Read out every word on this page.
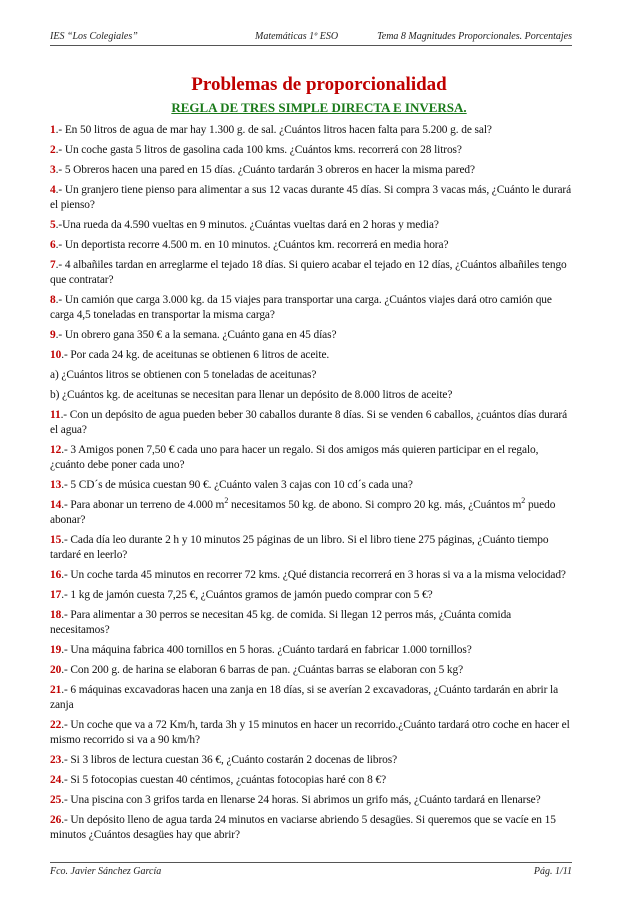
IES “Los Colegiales”	Matemáticas 1º ESO	Tema 8 Magnitudes Proporcionales. Porcentajes
Problemas de proporcionalidad
REGLA DE TRES SIMPLE DIRECTA E INVERSA.

1.- En 50 litros de agua de mar hay 1.300 g. de sal. ¿Cuántos litros hacen falta para 5.200 g. de sal?

2.- Un coche gasta 5 litros de gasolina cada 100 kms. ¿Cuántos kms. recorrerá con 28 litros?

3.- 5 Obreros hacen una pared en 15 días. ¿Cuánto tardarán 3 obreros en hacer la misma pared?

4.- Un granjero tiene pienso para alimentar a sus 12 vacas durante 45 días. Si compra 3 vacas más, ¿Cuánto le durará el pienso?

5.-Una rueda da 4.590 vueltas en 9 minutos. ¿Cuántas vueltas dará en 2 horas y media?

6.- Un deportista recorre 4.500 m. en 10 minutos. ¿Cuántos km. recorrerá en media hora?

7.- 4 albañiles tardan en arreglarme el tejado 18 días. Si quiero acabar el tejado en 12 días, ¿Cuántos albañiles tengo que contratar?

8.- Un camión que carga 3.000 kg. da 15 viajes para transportar una carga. ¿Cuántos viajes dará otro camión que carga 4,5 toneladas en transportar la misma carga?

9.- Un obrero gana 350 € a la semana. ¿Cuánto gana en 45 días?

10.- Por cada 24 kg. de aceitunas se obtienen 6 litros de aceite.

a) ¿Cuántos litros se obtienen con 5 toneladas de aceitunas?

b) ¿Cuántos kg. de aceitunas se necesitan para llenar un depósito de 8.000 litros de aceite?

11.- Con un depósito de agua pueden beber 30 caballos durante 8 días. Si se venden 6 caballos, ¿cuántos días durará el agua?

12.- 3 Amigos ponen 7,50 € cada uno para hacer un regalo. Si dos amigos más quieren participar en el regalo, ¿cuánto debe poner cada uno?

13.- 5 CD´s de música cuestan 90 €. ¿Cuánto valen 3 cajas con 10 cd´s cada una?

14.- Para abonar un terreno de 4.000 $m^2$ necesitamos 50 kg. de abono. Si compro 20 kg. más, ¿Cuántos $m^2$ puedo abonar?

15.- Cada día leo durante 2 h y 10 minutos 25 páginas de un libro. Si el libro tiene 275 páginas, ¿Cuánto tiempo tardaré en leerlo?

16.- Un coche tarda 45 minutos en recorrer 72 kms. ¿Qué distancia recorrerá en 3 horas si va a la misma velocidad?

17.- 1 kg de jamón cuesta 7,25 €, ¿Cuántos gramos de jamón puedo comprar con 5 €?

18.- Para alimentar a 30 perros se necesitan 45 kg. de comida. Si llegan 12 perros más, ¿Cuánta comida necesitamos?

19.- Una máquina fabrica 400 tornillos en 5 horas. ¿Cuánto tardará en fabricar 1.000 tornillos?

20.- Con 200 g. de harina se elaboran 6 barras de pan. ¿Cuántas barras se elaboran con 5 kg?

21.- 6 máquinas excavadoras hacen una zanja en 18 días, si se averían 2 excavadoras, ¿Cuánto tardarán en abrir la zanja

22.- Un coche que va a 72 Km/h, tarda 3h y 15 minutos en hacer un recorrido.¿Cuánto tardará otro coche en hacer el mismo recorrido si va a 90 km/h?

23.- Si 3 libros de lectura cuestan 36 €, ¿Cuánto costarán 2 docenas de libros?

24.- Si 5 fotocopias cuestan 40 céntimos, ¿cuántas fotocopias haré con 8 €?

25.- Una piscina con 3 grifos tarda en llenarse 24 horas. Si abrimos un grifo más, ¿Cuánto tardará en llenarse?

26.- Un depósito lleno de agua tarda 24 minutos en vaciarse abriendo 5 desagües. Si queremos que se vacíe en 15 minutos ¿Cuántos desagües hay que abrir?

Fco. Javier Sánchez García	Pág. 1/11
